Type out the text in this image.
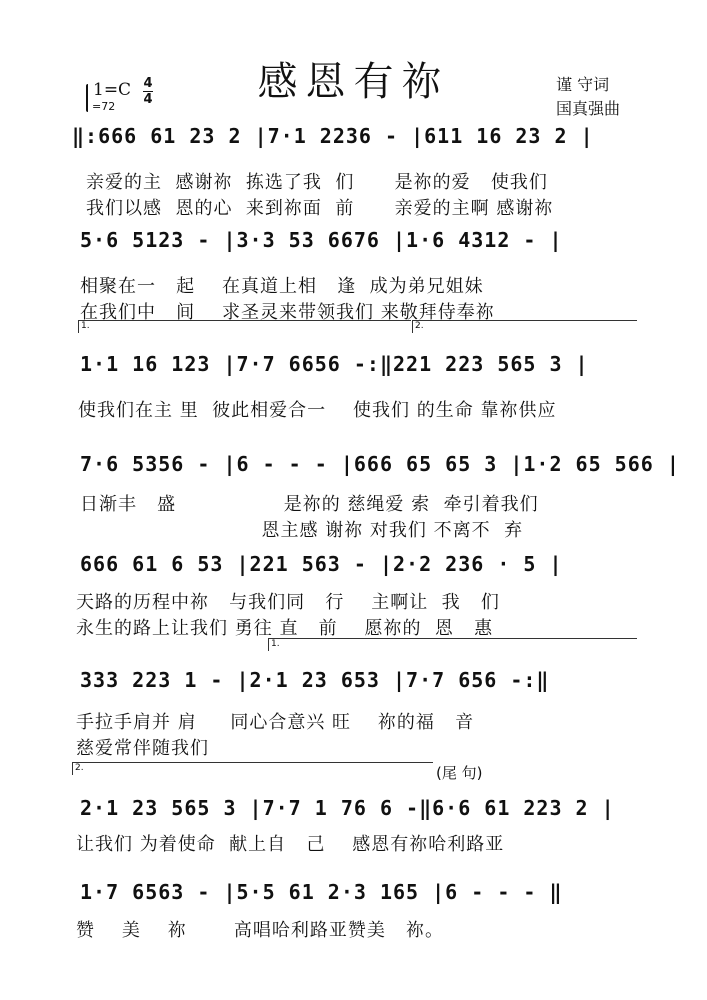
感恩有祢	谨 守词
国真强曲
1=C
=72
4
4
‖:666 61 23 2 |7·1 2236 - |611 16 23 2 |
亲爱的主  感谢祢  拣选了我  们      是祢的爱   使我们
我们以感  恩的心  来到祢面  前      亲爱的主啊 感谢祢
5·6 5123 - |3·3 53 6676 |1·6 4312 - |
相聚在一   起    在真道上相   逢  成为弟兄姐妹
在我们中   间    求圣灵来带领我们 来敬拜侍奉祢
1.	2.
1·1 16 123 |7·7 6656 -:‖221 223 565 3 |
使我们在主 里  彼此相爱合一    使我们 的生命 靠祢供应
7·6 5356 - |6 - - - |666 65 65 3 |1·2 65 566 |
日渐丰   盛                是祢的 慈绳爱 索  牵引着我们
恩主感 谢祢 对我们 不离不  弃
666 61 6 53 |221 563 - |2·2 236 · 5 |
天路的历程中祢   与我们同   行    主啊让  我   们
永生的路上让我们 勇往 直   前    愿祢的  恩   惠
1.
333 223 1 - |2·1 23 653 |7·7 656 -:‖
手拉手肩并 肩     同心合意兴 旺    祢的福   音
慈爱常伴随我们
2.	(尾 句)
2·1 23 565 3 |7·7 1 76 6 -‖6·6 61 223 2 |
让我们 为着使命  献上自   己    感恩有祢哈利路亚
1·7 6563 - |5·5 61 2·3 165 |6 - - - ‖
赞    美    祢       高唱哈利路亚赞美   祢。
